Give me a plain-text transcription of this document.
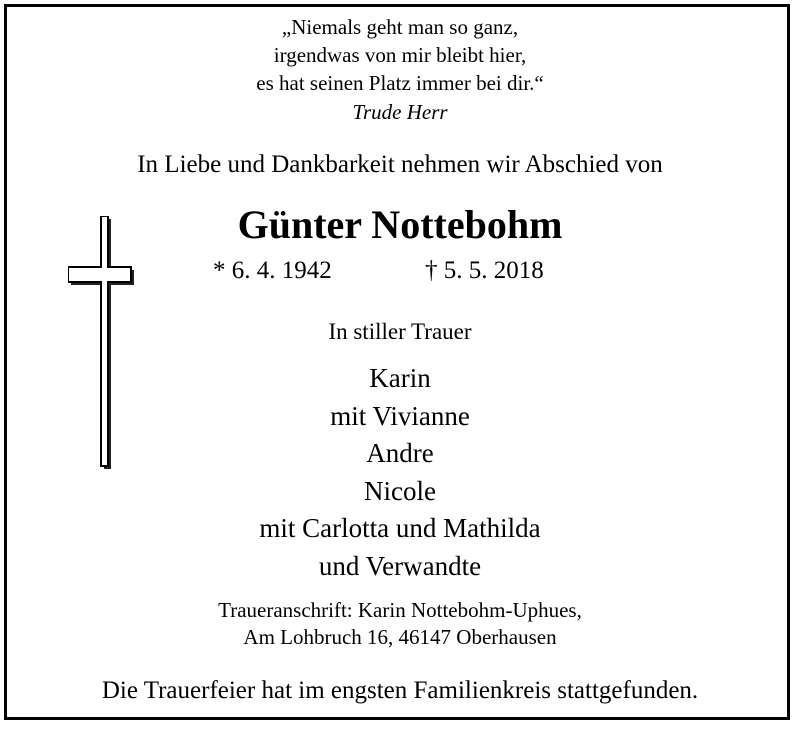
„Niemals geht man so ganz,
irgendwas von mir bleibt hier,
es hat seinen Platz immer bei dir.“
Trude Herr
In Liebe und Dankbarkeit nehmen wir Abschied von
Günter Nottebohm
* 6. 4. 1942	† 5. 5. 2018
In stiller Trauer
Karin
mit Vivianne
Andre
Nicole
mit Carlotta und Mathilda
und Verwandte
Traueranschrift: Karin Nottebohm-Uphues,
Am Lohbruch 16, 46147 Oberhausen
Die Trauerfeier hat im engsten Familienkreis stattgefunden.
